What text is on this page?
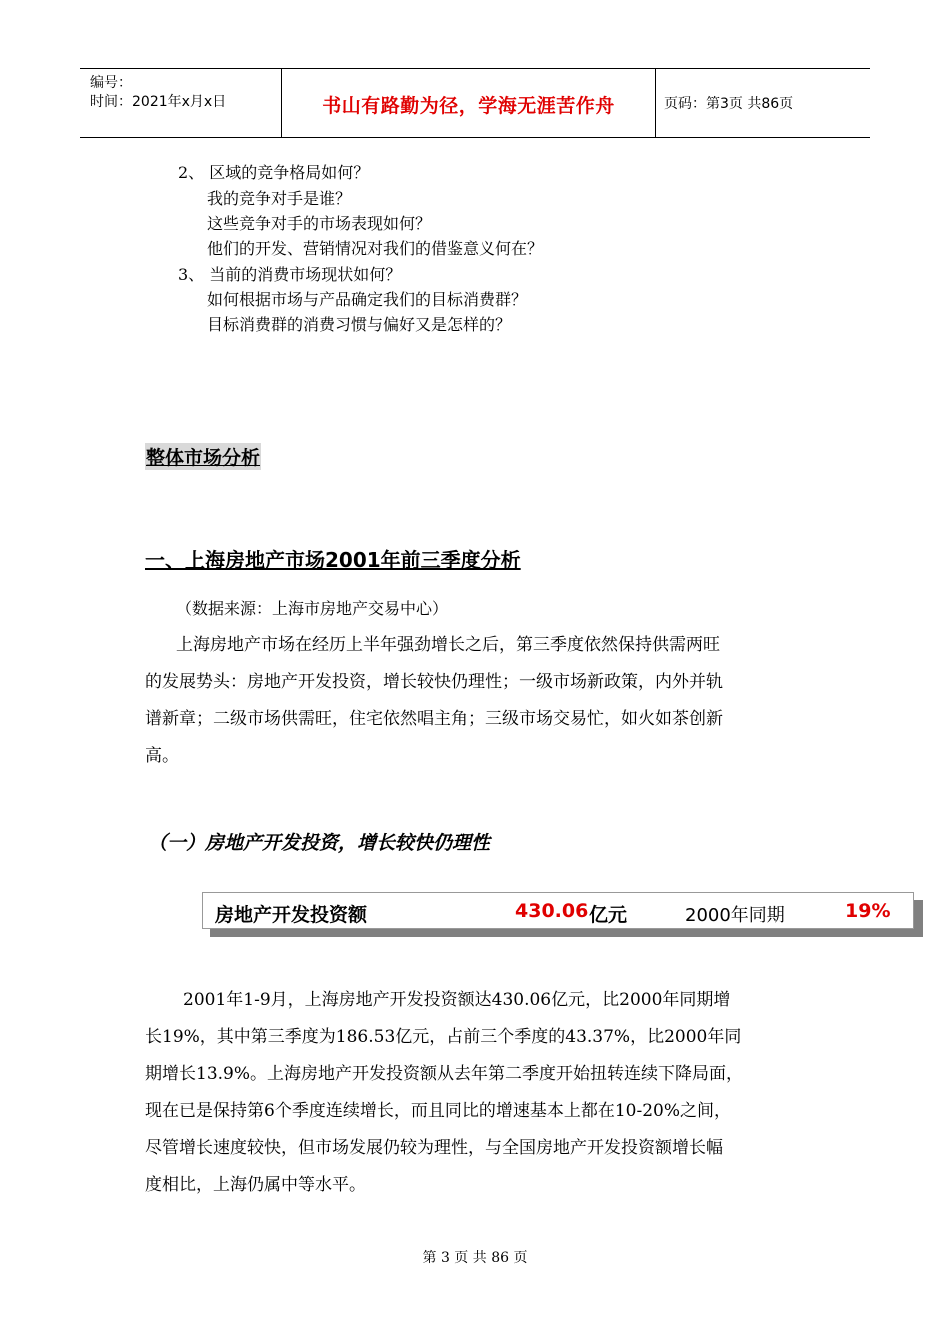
编号：
时间：2021年x月x日	书山有路勤为径，学海无涯苦作舟	页码：第3页 共86页
2、 区域的竞争格局如何？
我的竞争对手是谁？
这些竞争对手的市场表现如何？
他们的开发、营销情况对我们的借鉴意义何在？
3、 当前的消费市场现状如何？
如何根据市场与产品确定我们的目标消费群？
目标消费群的消费习惯与偏好又是怎样的？
整体市场分析
一、上海房地产市场2001年前三季度分析
（数据来源：上海市房地产交易中心）
上海房地产市场在经历上半年强劲增长之后，第三季度依然保持供需两旺
的发展势头：房地产开发投资，增长较快仍理性；一级市场新政策，内外并轨
谱新章；二级市场供需旺，住宅依然唱主角；三级市场交易忙，如火如茶创新
高。
（一）房地产开发投资，增长较快仍理性
房地产开发投资额	430.06 亿元	2000年同期	19%
2001年1-9月，上海房地产开发投资额达430.06亿元，比2000年同期增
长19%，其中第三季度为186.53亿元，占前三个季度的43.37%，比2000年同
期增长13.9%。上海房地产开发投资额从去年第二季度开始扭转连续下降局面，
现在已是保持第6个季度连续增长，而且同比的增速基本上都在10-20%之间，
尽管增长速度较快，但市场发展仍较为理性，与全国房地产开发投资额增长幅
度相比，上海仍属中等水平。
第 3 页 共 86 页
